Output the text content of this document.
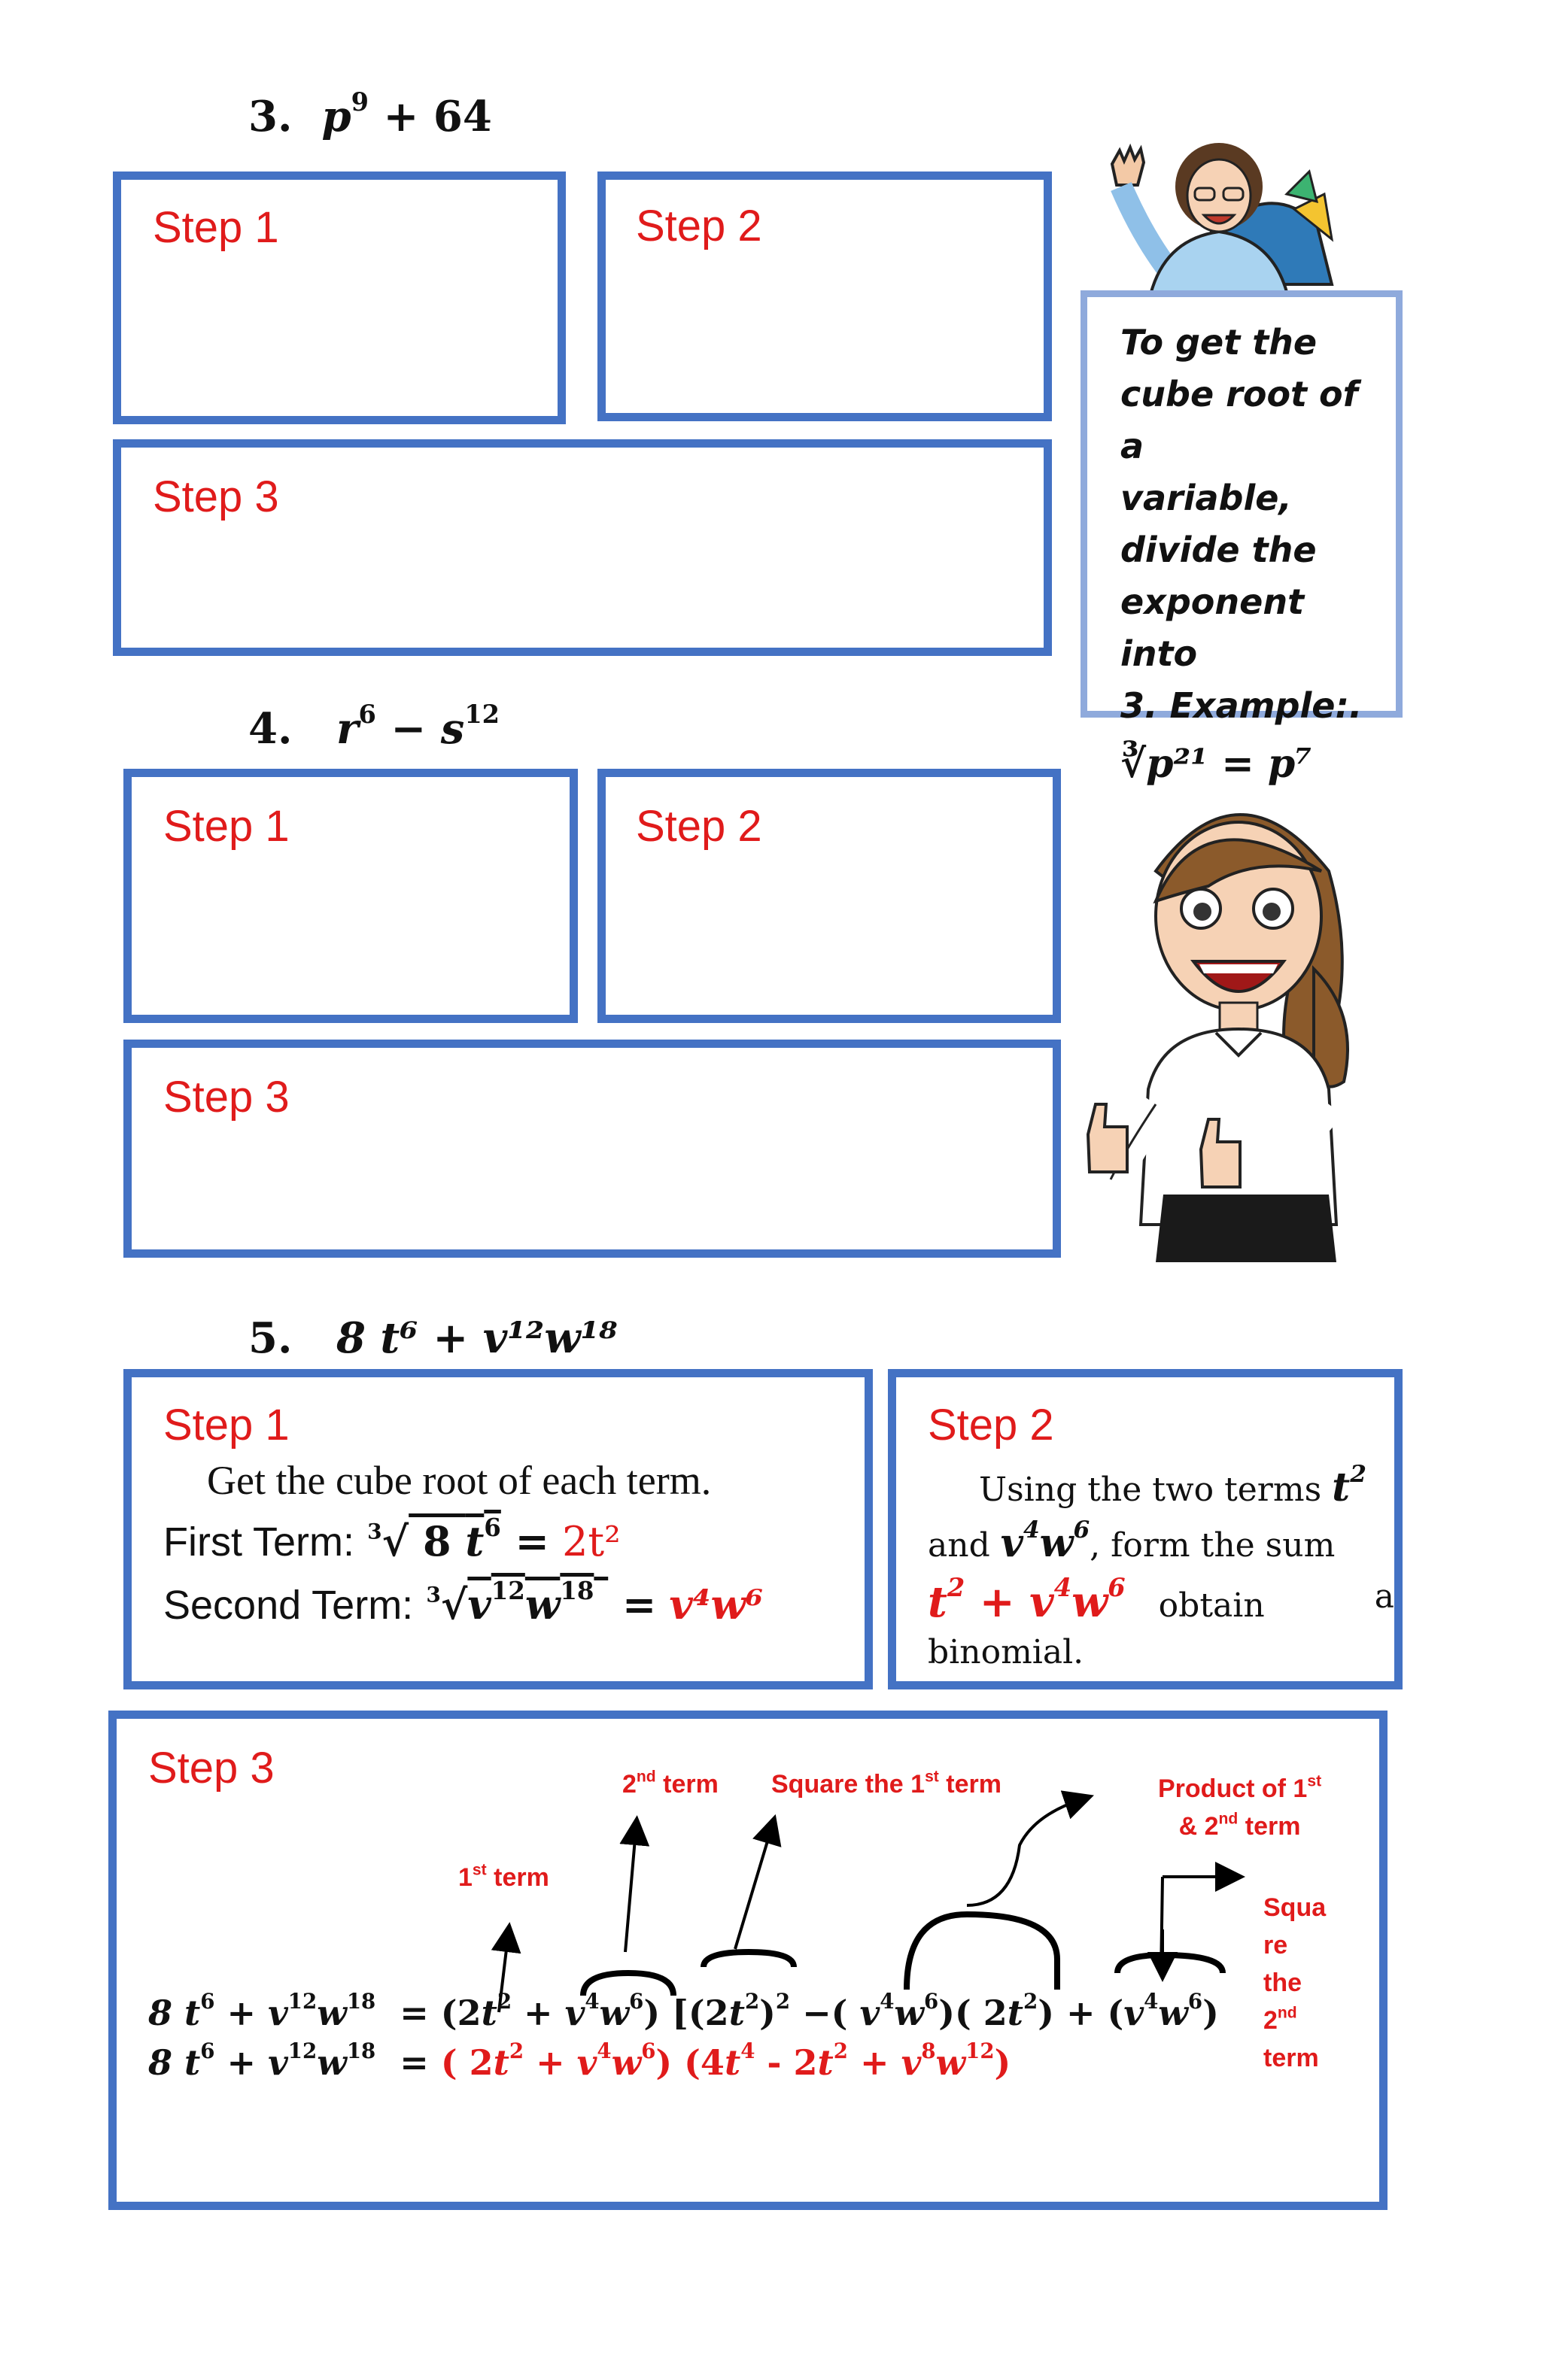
3. $p^9 + 64$
Step 1	Step 2
Step 3
To get the
cube root of a
variable,
divide the
exponent into
3. Example:.
∛p²¹ = p⁷
4. $r^6 - s^{12}$
Step 1	Step 2
Step 3
5. 8 t⁶ + v¹²w¹⁸
Step 1
Get the cube root of each term.
First Term: $^3$√ 8 $t^6 = 2t^2$
Second Term: $^3√v^{12}w^{18} = v^4w^6$
Step 2
Using the two terms $t^2$
and $v^4w^6$, form the sum
$t^2 + v^4w^6$ obtain	a
binomial.
Step 3	2nd term Square the 1st term	Product of 1st
& 2nd term
1st term
Squa
re
the
2nd
term
8 $t^6 + v^{12}w^{18} = (2t^2 + v^4w^6)$ [$(2t^2)^2$ −( $v^4w^6$)( $2t^2) + (v^4w^6)$
8 $t^6 + v^{12}w^{18}$  = ( $2t^2 + v^4w^6$) $(4t^4 - 2t^2 + v^8w^{12})$
